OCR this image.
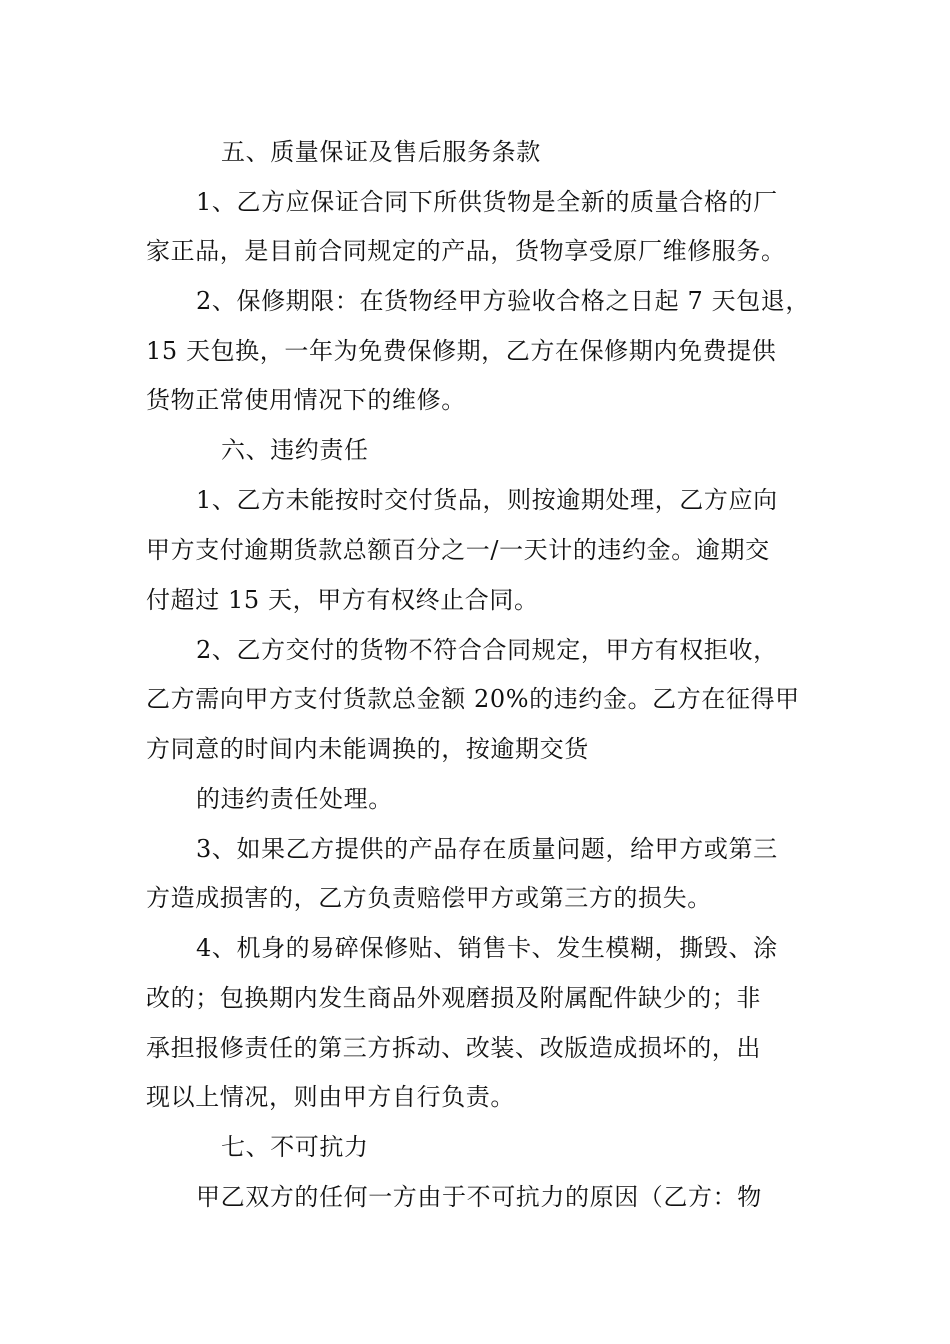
五、质量保证及售后服务条款
1、乙方应保证合同下所供货物是全新的质量合格的厂
家正品，是目前合同规定的产品，货物享受原厂维修服务。
2、保修期限：在货物经甲方验收合格之日起 7 天包退，
15 天包换，一年为免费保修期，乙方在保修期内免费提供
货物正常使用情况下的维修。
六、违约责任
1、乙方未能按时交付货品，则按逾期处理，乙方应向
甲方支付逾期货款总额百分之一/一天计的违约金。逾期交
付超过 15 天，甲方有权终止合同。
2、乙方交付的货物不符合合同规定，甲方有权拒收，
乙方需向甲方支付货款总金额 20%的违约金。乙方在征得甲
方同意的时间内未能调换的，按逾期交货
的违约责任处理。
3、如果乙方提供的产品存在质量问题，给甲方或第三
方造成损害的，乙方负责赔偿甲方或第三方的损失。
4、机身的易碎保修贴、销售卡、发生模糊，撕毁、涂
改的；包换期内发生商品外观磨损及附属配件缺少的；非
承担报修责任的第三方拆动、改装、改版造成损坏的，出
现以上情况，则由甲方自行负责。
七、不可抗力
甲乙双方的任何一方由于不可抗力的原因（乙方：物
